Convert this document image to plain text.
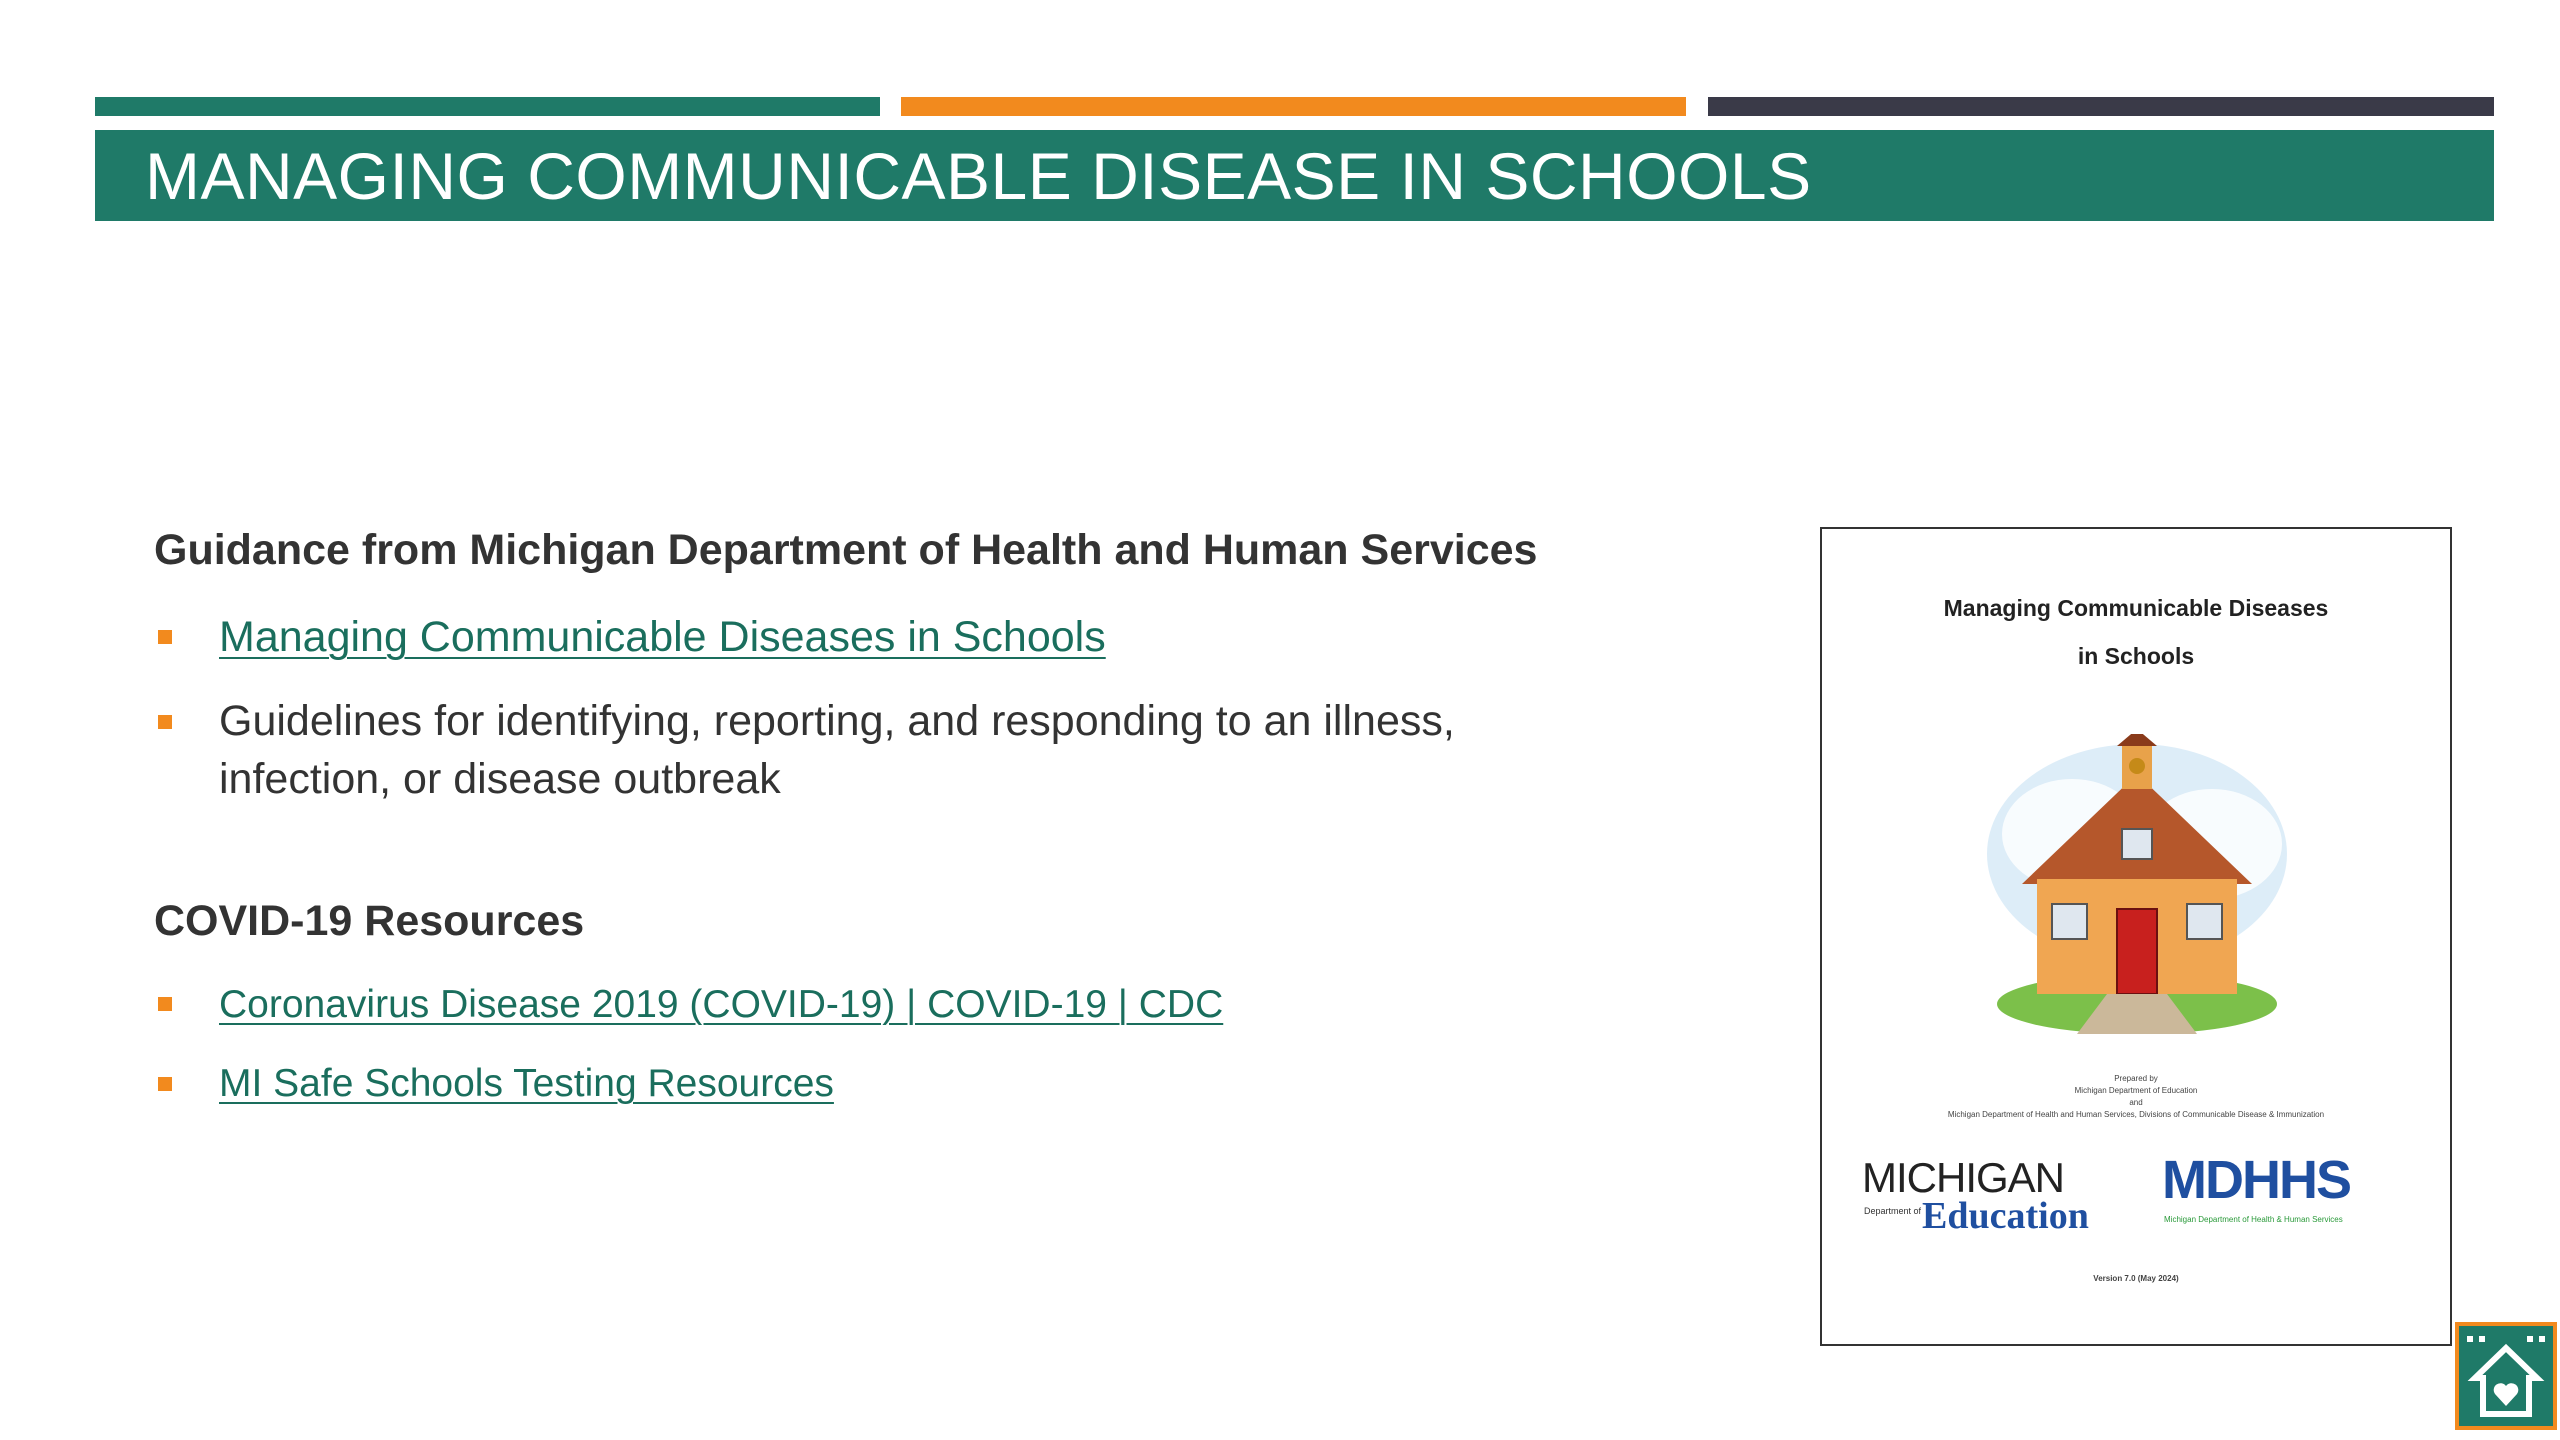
MANAGING COMMUNICABLE DISEASE IN SCHOOLS
Guidance from Michigan Department of Health and Human Services
Managing Communicable Diseases in Schools
Guidelines for identifying, reporting, and responding to an illness,
infection, or disease outbreak
COVID-19 Resources
Coronavirus Disease 2019 (COVID-19) | COVID-19 | CDC
MI Safe Schools Testing Resources
Managing Communicable Diseases
in Schools
Prepared by
Michigan Department of Education
and
Michigan Department of Health and Human Services, Divisions of Communicable Disease & Immunization
MICHIGAN
Department of Education
MDHHS
Michigan Department of Health & Human Services
Version 7.0 (May 2024)
